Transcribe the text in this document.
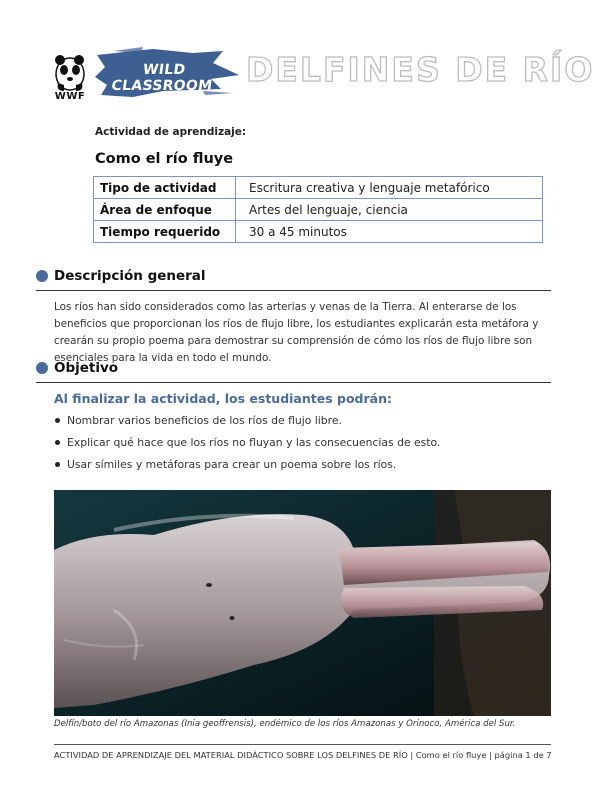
WWF
WILD CLASSROOM DELFINES DE RÍO
Actividad de aprendizaje:
Como el río fluye
Tipo de actividad	Escritura creativa y lenguaje metafórico
Área de enfoque	Artes del lenguaje, ciencia
Tiempo requerido	30 a 45 minutos
Descripción general
Los ríos han sido considerados como las arterias y venas de la Tierra. Al enterarse de los beneficios que proporcionan los ríos de flujo libre, los estudiantes explicarán esta metáfora y crearán su propio poema para demostrar su comprensión de cómo los ríos de flujo libre son esenciales para la vida en todo el mundo.
Objetivo
Al finalizar la actividad, los estudiantes podrán:
Nombrar varios beneficios de los ríos de flujo libre.
Explicar qué hace que los ríos no fluyan y las consecuencias de esto.
Usar símiles y metáforas para crear un poema sobre los ríos.
Delfín/boto del río Amazonas (Inia geoffrensis), endémico de los ríos Amazonas y Orinoco, América del Sur.
ACTIVIDAD DE APRENDIZAJE DEL MATERIAL DIDÁCTICO SOBRE LOS DELFINES DE RÍO | Como el río fluye | página 1 de 7
